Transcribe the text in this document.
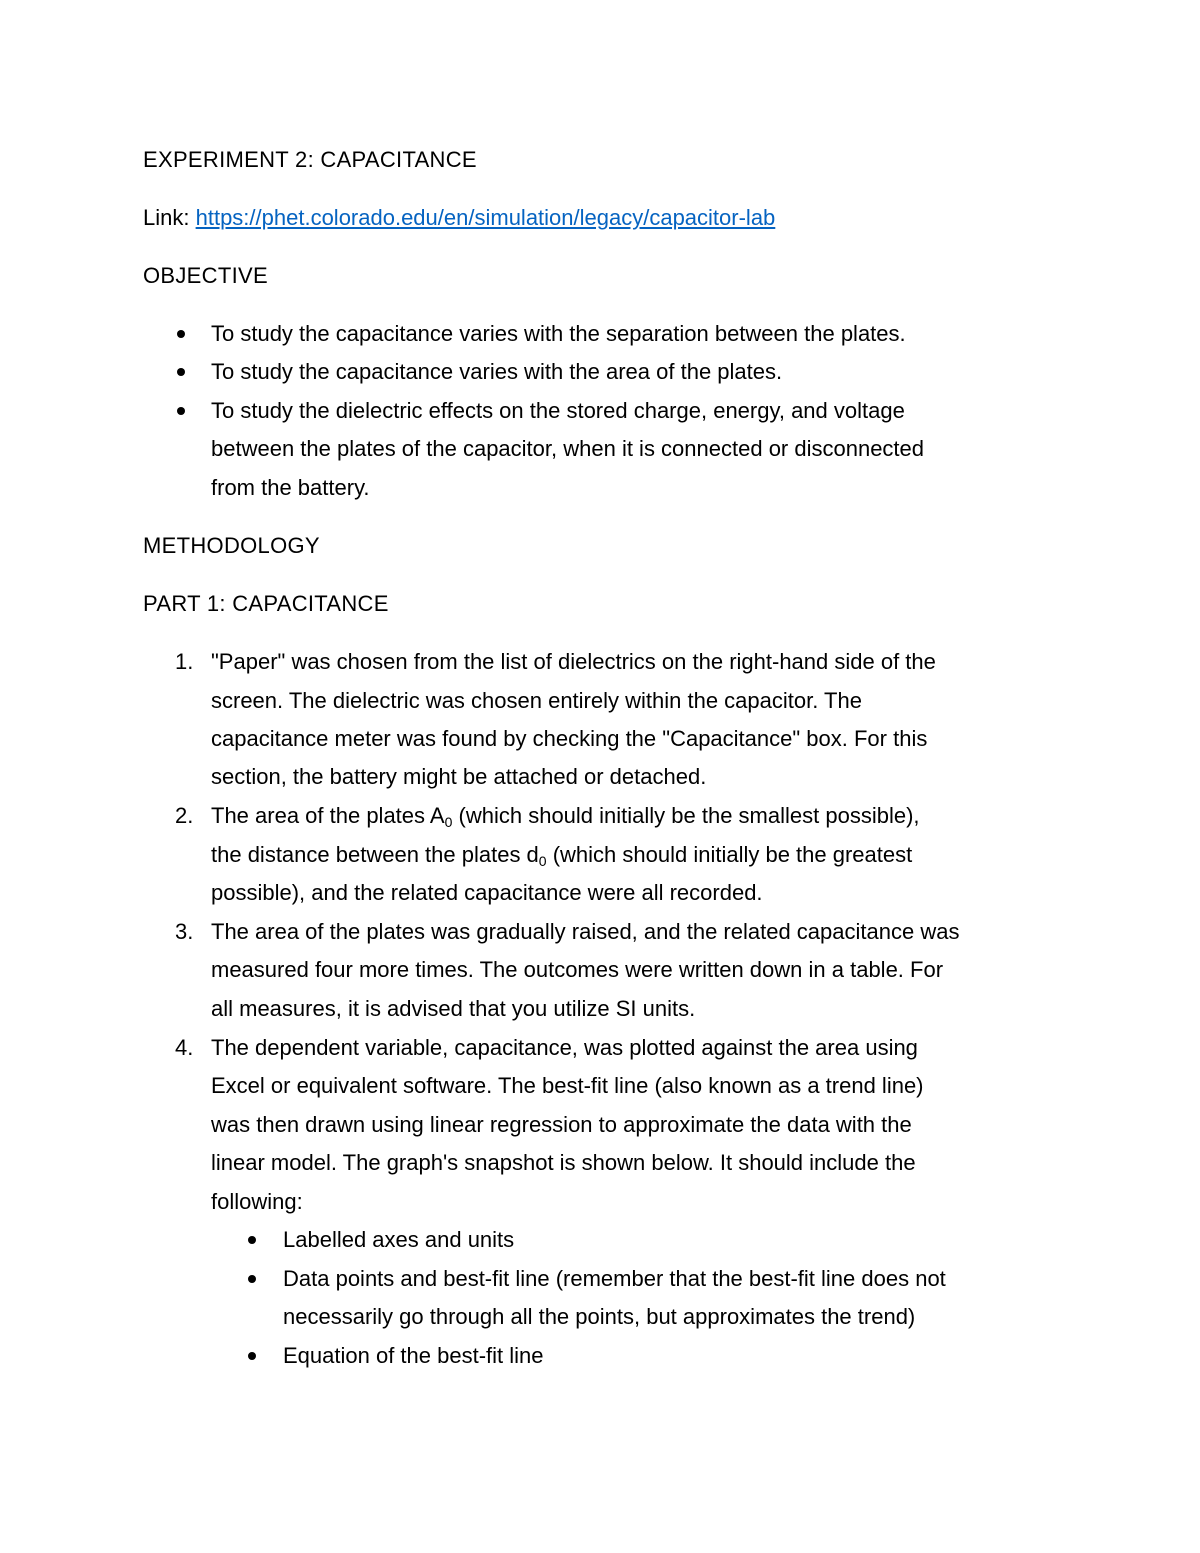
EXPERIMENT 2: CAPACITANCE
Link: https://phet.colorado.edu/en/simulation/legacy/capacitor-lab
OBJECTIVE
To study the capacitance varies with the separation between the plates.
To study the capacitance varies with the area of the plates.
To study the dielectric effects on the stored charge, energy, and voltage
between the plates of the capacitor, when it is connected or disconnected
from the battery.
METHODOLOGY
PART 1: CAPACITANCE
1. "Paper" was chosen from the list of dielectrics on the right-hand side of the
screen. The dielectric was chosen entirely within the capacitor. The
capacitance meter was found by checking the "Capacitance" box. For this
section, the battery might be attached or detached.
2. The area of the plates $A_0$ (which should initially be the smallest possible),
the distance between the plates $d_0$ (which should initially be the greatest
possible), and the related capacitance were all recorded.
3. The area of the plates was gradually raised, and the related capacitance was
measured four more times. The outcomes were written down in a table. For
all measures, it is advised that you utilize SI units.
4. The dependent variable, capacitance, was plotted against the area using
Excel or equivalent software. The best-fit line (also known as a trend line)
was then drawn using linear regression to approximate the data with the
linear model. The graph's snapshot is shown below. It should include the
following:
Labelled axes and units
Data points and best-fit line (remember that the best-fit line does not
necessarily go through all the points, but approximates the trend)
Equation of the best-fit line
